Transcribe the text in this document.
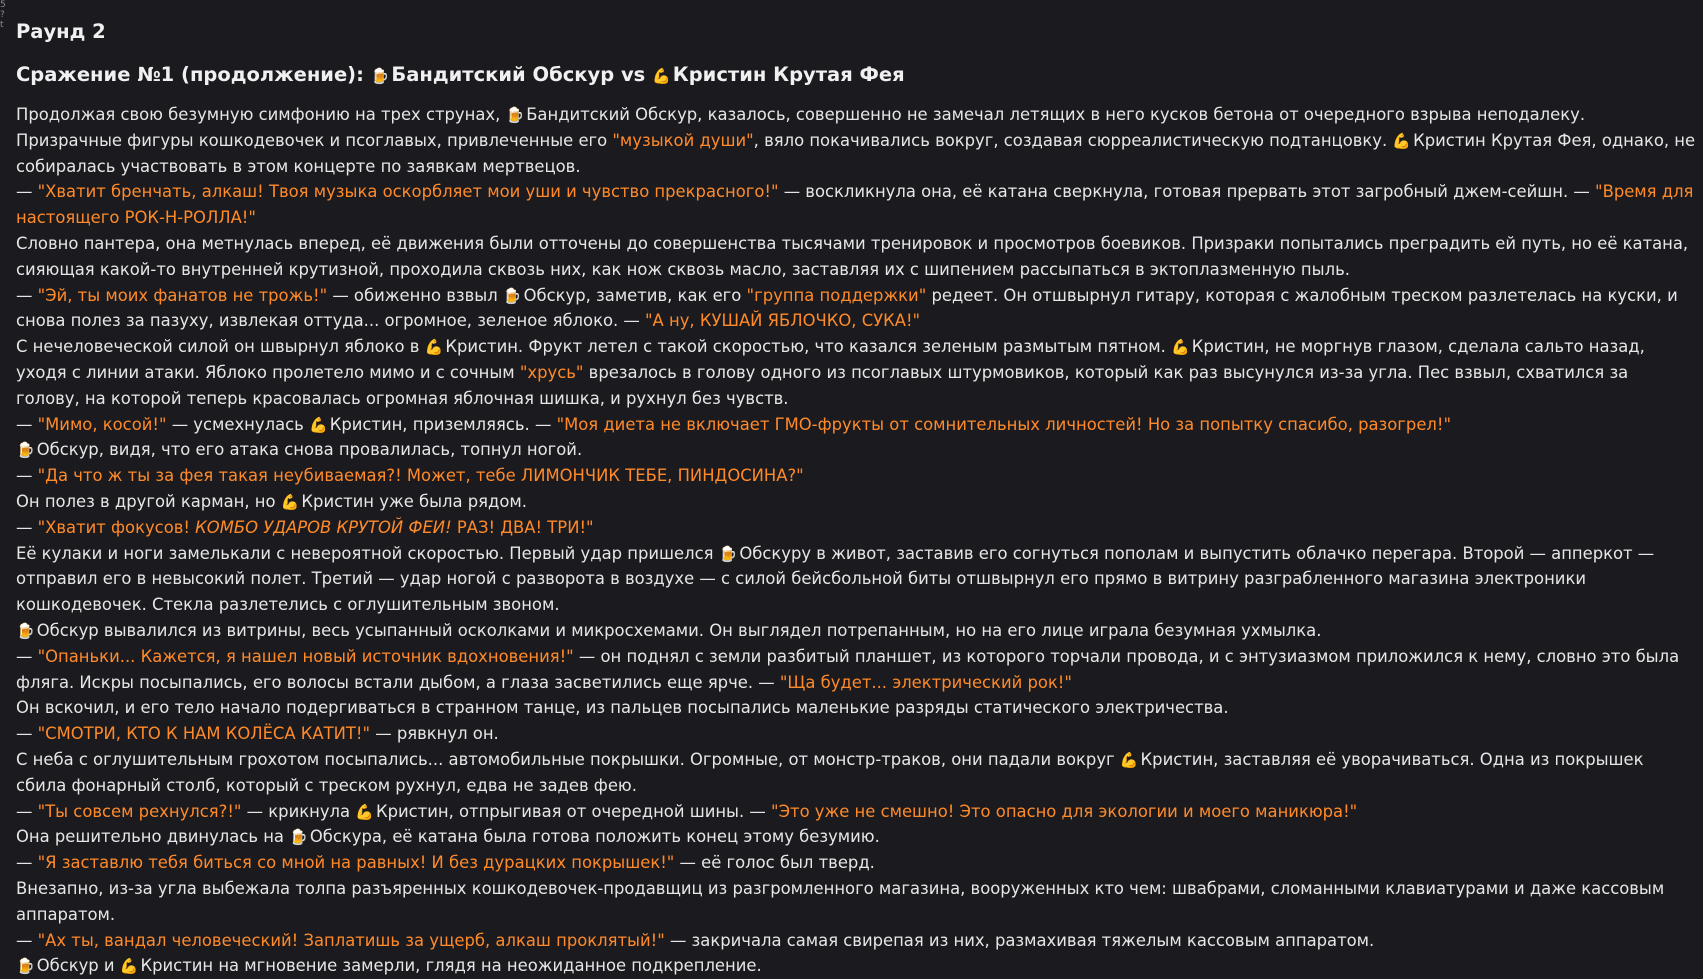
5
?
t Раунд 2
Сражение №1 (продолжение): 🍺 Бандитский Обскур vs 💪 Кристин Крутая Фея

Продолжая свою безумную симфонию на трех струнах, 🍺 Бандитский Обскур, казалось, совершенно не замечал летящих в него кусков бетона от очередного взрыва неподалеку. Призрачные фигуры кошкодевочек и псоглавых, привлеченные его "музыкой души", вяло покачивались вокруг, создавая сюрреалистическую подтанцовку. 💪 Кристин Крутая Фея, однако, не собиралась участвовать в этом концерте по заявкам мертвецов.

— "Хватит бренчать, алкаш! Твоя музыка оскорбляет мои уши и чувство прекрасного!" — воскликнула она, её катана сверкнула, готовая прервать этот загробный джем-сейшн. — "Время для настоящего РОК-Н-РОЛЛА!"

Словно пантера, она метнулась вперед, её движения были отточены до совершенства тысячами тренировок и просмотров боевиков. Призраки попытались преградить ей путь, но её катана, сияющая какой-то внутренней крутизной, проходила сквозь них, как нож сквозь масло, заставляя их с шипением рассыпаться в эктоплазменную пыль.

— "Эй, ты моих фанатов не трожь!" — обиженно взвыл 🍺 Обскур, заметив, как его "группа поддержки" редеет. Он отшвырнул гитару, которая с жалобным треском разлетелась на куски, и снова полез за пазуху, извлекая оттуда... огромное, зеленое яблоко. — "А ну, КУШАЙ ЯБЛОЧКО, СУКА!"

С нечеловеческой силой он швырнул яблоко в 💪 Кристин. Фрукт летел с такой скоростью, что казался зеленым размытым пятном. 💪 Кристин, не моргнув глазом, сделала сальто назад, уходя с линии атаки. Яблоко пролетело мимо и с сочным "хрусь" врезалось в голову одного из псоглавых штурмовиков, который как раз высунулся из-за угла. Пес взвыл, схватился за голову, на которой теперь красовалась огромная яблочная шишка, и рухнул без чувств.

— "Мимо, косой!" — усмехнулась 💪 Кристин, приземляясь. — "Моя диета не включает ГМО-фрукты от сомнительных личностей! Но за попытку спасибо, разогрел!"

🍺 Обскур, видя, что его атака снова провалилась, топнул ногой.

— "Да что ж ты за фея такая неубиваемая?! Может, тебе ЛИМОНЧИК ТЕБЕ, ПИНДОСИНА?"

Он полез в другой карман, но 💪 Кристин уже была рядом.

— "Хватит фокусов! КОМБО УДАРОВ КРУТОЙ ФЕИ! РАЗ! ДВА! ТРИ!"

Её кулаки и ноги замелькали с невероятной скоростью. Первый удар пришелся 🍺 Обскуру в живот, заставив его согнуться пополам и выпустить облачко перегара. Второй — апперкот — отправил его в невысокий полет. Третий — удар ногой с разворота в воздухе — с силой бейсбольной биты отшвырнул его прямо в витрину разграбленного магазина электроники кошкодевочек. Стекла разлетелись с оглушительным звоном.

🍺 Обскур вывалился из витрины, весь усыпанный осколками и микросхемами. Он выглядел потрепанным, но на его лице играла безумная ухмылка.

— "Опаньки... Кажется, я нашел новый источник вдохновения!" — он поднял с земли разбитый планшет, из которого торчали провода, и с энтузиазмом приложился к нему, словно это была фляга. Искры посыпались, его волосы встали дыбом, а глаза засветились еще ярче. — "Ща будет... электрический рок!"

Он вскочил, и его тело начало подергиваться в странном танце, из пальцев посыпались маленькие разряды статического электричества.

— "СМОТРИ, КТО К НАМ КОЛЁСА КАТИТ!" — рявкнул он.

С неба с оглушительным грохотом посыпались... автомобильные покрышки. Огромные, от монстр-траков, они падали вокруг 💪 Кристин, заставляя её уворачиваться. Одна из покрышек сбила фонарный столб, который с треском рухнул, едва не задев фею.

— "Ты совсем рехнулся?!" — крикнула 💪 Кристин, отпрыгивая от очередной шины. — "Это уже не смешно! Это опасно для экологии и моего маникюра!"

Она решительно двинулась на 🍺 Обскура, её катана была готова положить конец этому безумию.

— "Я заставлю тебя биться со мной на равных! И без дурацких покрышек!" — её голос был тверд.

Внезапно, из-за угла выбежала толпа разъяренных кошкодевочек-продавщиц из разгромленного магазина, вооруженных кто чем: швабрами, сломанными клавиатурами и даже кассовым аппаратом.

— "Ах ты, вандал человеческий! Заплатишь за ущерб, алкаш проклятый!" — закричала самая свирепая из них, размахивая тяжелым кассовым аппаратом.

🍺 Обскур и 💪 Кристин на мгновение замерли, глядя на неожиданное подкрепление.
